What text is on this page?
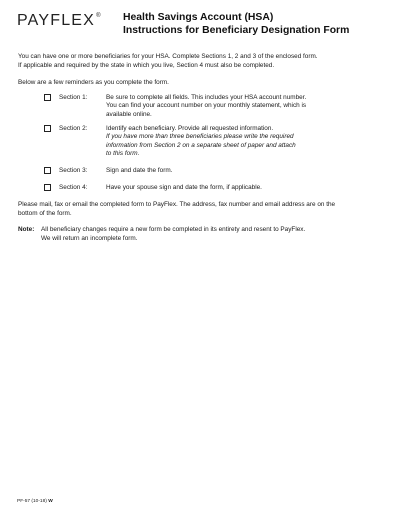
PAYFLEX® Health Savings Account (HSA)
Instructions for Beneficiary Designation Form
You can have one or more beneficiaries for your HSA. Complete Sections 1, 2 and 3 of the enclosed form.
If applicable and required by the state in which you live, Section 4 must also be completed.
Below are a few reminders as you complete the form.
Section 1:	Be sure to complete all fields. This includes your HSA account number.
You can find your account number on your monthly statement, which is
available online.
Section 2:	Identify each beneficiary. Provide all requested information.
If you have more than three beneficiaries please write the required
information from Section 2 on a separate sheet of paper and attach
to this form.
Section 3:	Sign and date the form.
Section 4:	Have your spouse sign and date the form, if applicable.
Please mail, fax or email the completed form to PayFlex. The address, fax number and email address are on the
bottom of the form.
Note: All beneficiary changes require a new form be completed in its entirety and resent to PayFlex.
We will return an incomplete form.
PF-57 (10-18) W
